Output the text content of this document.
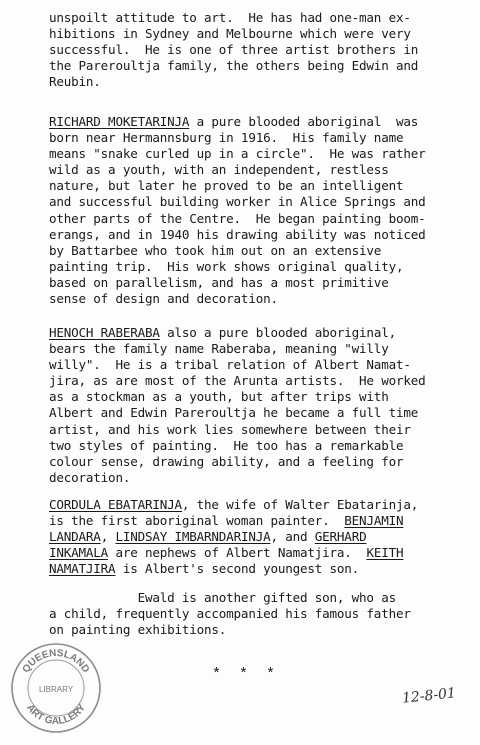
unspoilt attitude to art.  He has had one-man ex-
hibitions in Sydney and Melbourne which were very
successful.  He is one of three artist brothers in
the Pareroultja family, the others being Edwin and
Reubin.
RICHARD MOKETARINJA a pure blooded aboriginal  was
born near Hermannsburg in 1916.  His family name
means "snake curled up in a circle".  He was rather
wild as a youth, with an independent, restless
nature, but later he proved to be an intelligent
and successful building worker in Alice Springs and
other parts of the Centre.  He began painting boom-
erangs, and in 1940 his drawing ability was noticed
by Battarbee who took him out on an extensive
painting trip.  His work shows original quality,
based on parallelism, and has a most primitive
sense of design and decoration.
HENOCH RABERABA also a pure blooded aboriginal,
bears the family name Raberaba, meaning "willy
willy".  He is a tribal relation of Albert Namat-
jira, as are most of the Arunta artists.  He worked
as a stockman as a youth, but after trips with
Albert and Edwin Pareroultja he became a full time
artist, and his work lies somewhere between their
two styles of painting.  He too has a remarkable
colour sense, drawing ability, and a feeling for
decoration.
CORDULA EBATARINJA, the wife of Walter Ebatarinja,
is the first aboriginal woman painter.  BENJAMIN
LANDARA, LINDSAY IMBARNDARINJA, and GERHARD
INKAMALA are nephews of Albert Namatjira.  KEITH
NAMATJIRA is Albert's second youngest son.
Ewald is another gifted son, who as
a child, frequently accompanied his famous father
on painting exhibitions.
*  *  *
QUEENSLAND
LIBRARY
ART GALLERY
12-8-01
